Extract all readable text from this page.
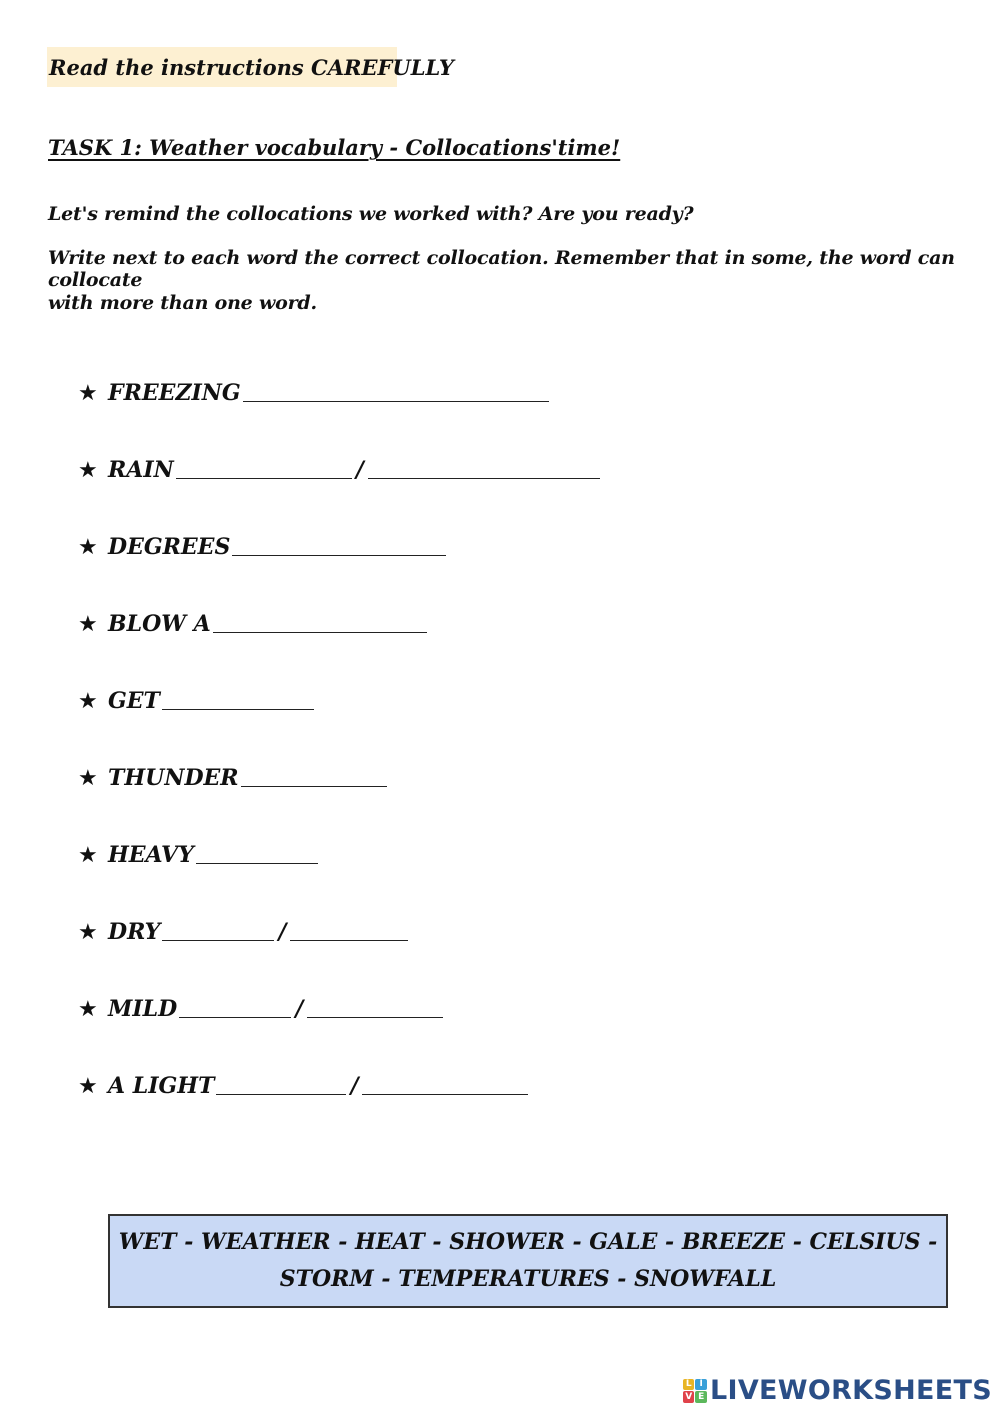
Read the instructions CAREFULLY
TASK 1: Weather vocabulary - Collocations'time!
Let's remind the collocations we worked with? Are you ready?
Write next to each word the correct collocation. Remember that in some, the word can collocate
with more than one word.
★ FREEZING
★ RAIN	/
★ DEGREES
★ BLOW A
★ GET
★ THUNDER
★ HEAVY
★ DRY	/
★ MILD	/
★ A LIGHT	/
WET - WEATHER - HEAT - SHOWER - GALE - BREEZE - CELSIUS -
STORM - TEMPERATURES - SNOWFALL
L I
V E LIVEWORKSHEETS
